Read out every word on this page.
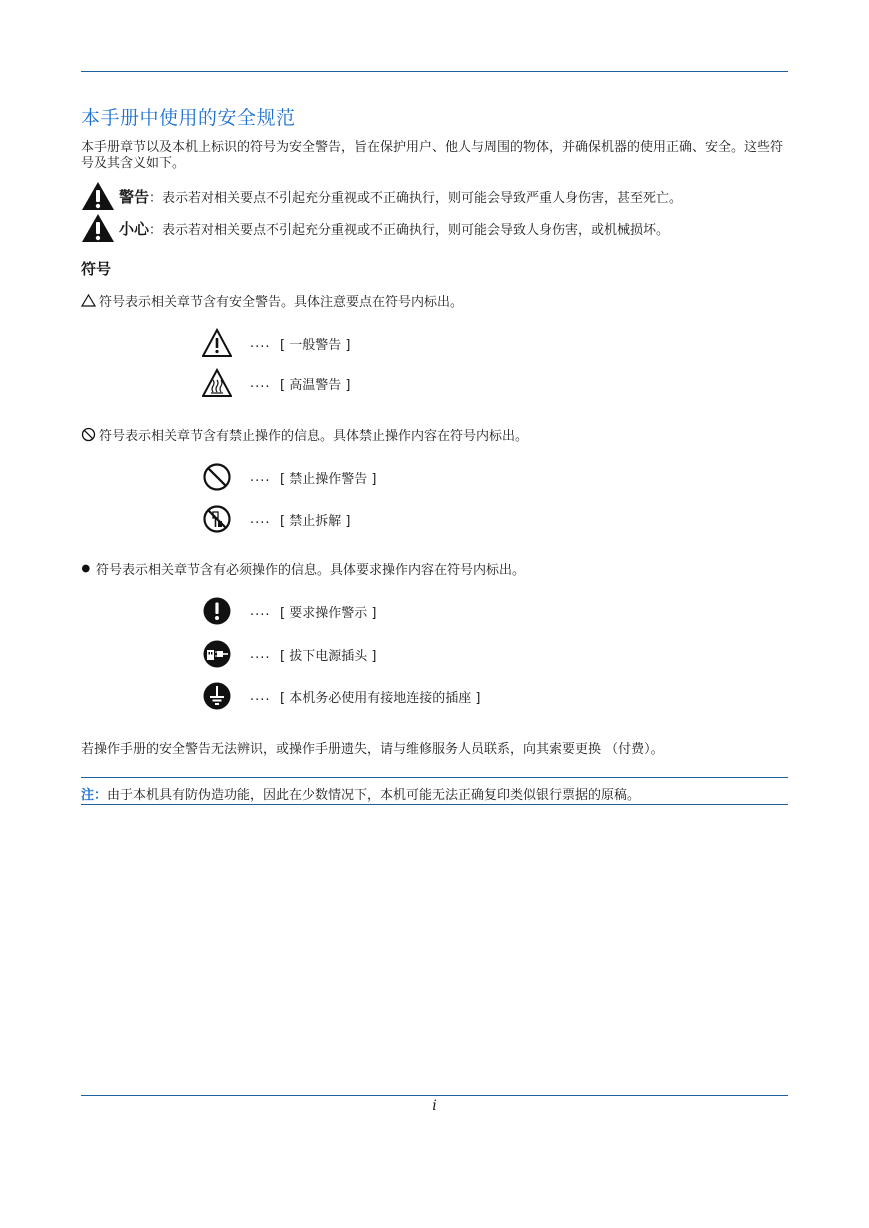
本手册中使用的安全规范
本手册章节以及本机上标识的符号为安全警告，旨在保护用户、他人与周围的物体，并确保机器的使用正确、安全。这些符号及其含义如下。
警告 ： 表示若对相关要点不引起充分重视或不正确执行，则可能会导致严重人身伤害，甚至死亡。
小心 ： 表示若对相关要点不引起充分重视或不正确执行，则可能会导致人身伤害，或机械损坏。
符号
符号表示相关章节含有安全警告。具体注意要点在符号内标出。
.... [ 一般警告 ]
.... [ 高温警告 ]
符号表示相关章节含有禁止操作的信息。具体禁止操作内容在符号内标出。
.... [ 禁止操作警告 ]
.... [ 禁止拆解 ]
符号表示相关章节含有必须操作的信息。具体要求操作内容在符号内标出。
.... [ 要求操作警示 ]
.... [ 拔下电源插头 ]
.... [ 本机务必使用有接地连接的插座 ]
若操作手册的安全警告无法辨识，或操作手册遗失，请与维修服务人员联系，向其索要更换 （付费）。
注：由于本机具有防伪造功能，因此在少数情况下，本机可能无法正确复印类似银行票据的原稿。
i
